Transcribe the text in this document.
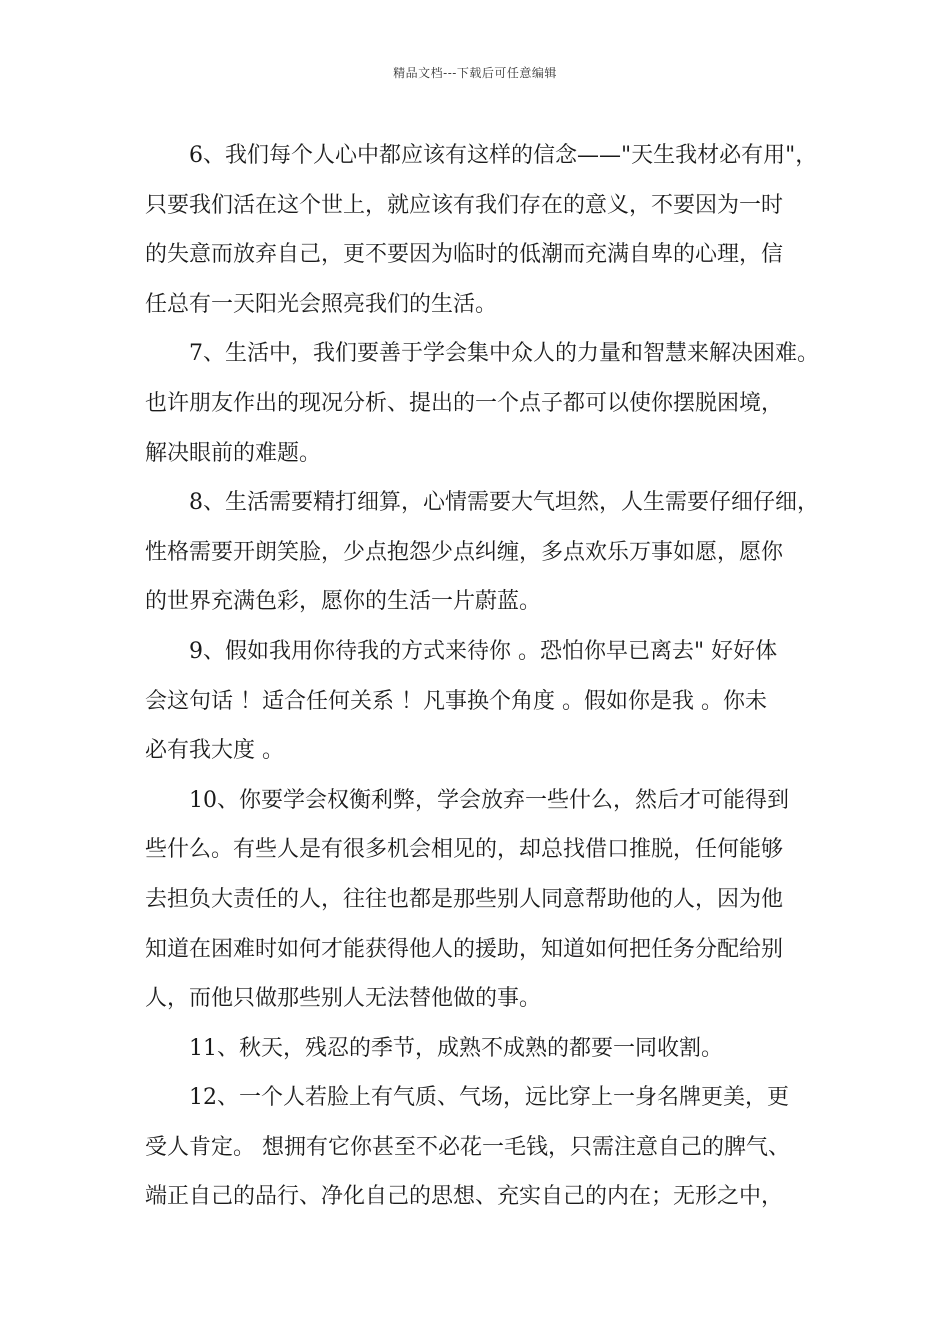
精品文档---下载后可任意编辑

6、我们每个人心中都应该有这样的信念——"天生我材必有用"，
只要我们活在这个世上，就应该有我们存在的意义，不要因为一时
的失意而放弃自己，更不要因为临时的低潮而充满自卑的心理，信
任总有一天阳光会照亮我们的生活。

7、生活中，我们要善于学会集中众人的力量和智慧来解决困难。
也许朋友作出的现况分析、提出的一个点子都可以使你摆脱困境，
解决眼前的难题。

8、生活需要精打细算，心情需要大气坦然，人生需要仔细仔细，
性格需要开朗笑脸，少点抱怨少点纠缠，多点欢乐万事如愿，愿你
的世界充满色彩，愿你的生活一片蔚蓝。

9、假如我用你待我的方式来待你 。恐怕你早已离去" 好好体
会这句话 ！适合任何关系 ！凡事换个角度 。假如你是我 。你未
必有我大度 。

10、你要学会权衡利弊，学会放弃一些什么，然后才可能得到
些什么。有些人是有很多机会相见的，却总找借口推脱，任何能够
去担负大责任的人，往往也都是那些别人同意帮助他的人，因为他
知道在困难时如何才能获得他人的援助，知道如何把任务分配给别
人，而他只做那些别人无法替他做的事。

11、秋天，残忍的季节，成熟不成熟的都要一同收割。

12、一个人若脸上有气质、气场，远比穿上一身名牌更美，更
受人肯定。 想拥有它你甚至不必花一毛钱，只需注意自己的脾气、
端正自己的品行、净化自己的思想、充实自己的内在；无形之中，
